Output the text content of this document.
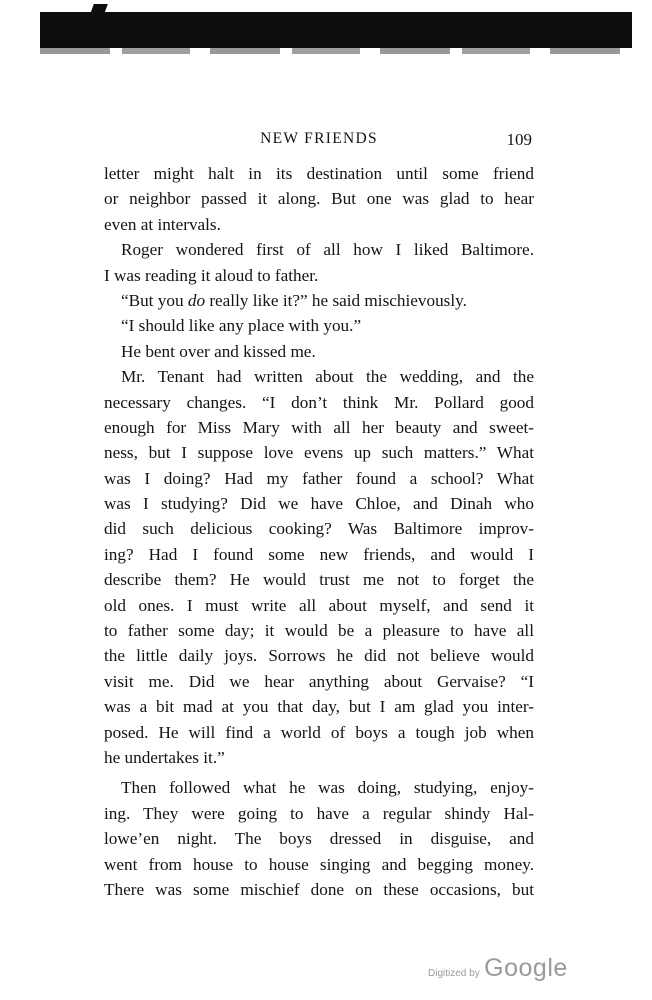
NEW FRIENDS	109
letter might halt in its destination until some friend
or neighbor passed it along. But one was glad to hear
even at intervals.
Roger wondered first of all how I liked Baltimore.
I was reading it aloud to father.
“But you do really like it?” he said mischievously.
“I should like any place with you.”
He bent over and kissed me.
Mr. Tenant had written about the wedding, and the
necessary changes. “I don’t think Mr. Pollard good
enough for Miss Mary with all her beauty and sweet-
ness, but I suppose love evens up such matters.” What
was I doing? Had my father found a school? What
was I studying? Did we have Chloe, and Dinah who
did such delicious cooking? Was Baltimore improv-
ing? Had I found some new friends, and would I
describe them? He would trust me not to forget the
old ones. I must write all about myself, and send it
to father some day; it would be a pleasure to have all
the little daily joys. Sorrows he did not believe would
visit me. Did we hear anything about Gervaise? “I
was a bit mad at you that day, but I am glad you inter-
posed. He will find a world of boys a tough job when
he undertakes it.”
Then followed what he was doing, studying, enjoy-
ing. They were going to have a regular shindy Hal-
lowe’en night. The boys dressed in disguise, and
went from house to house singing and begging money.
There was some mischief done on these occasions, but
Digitized by Google
